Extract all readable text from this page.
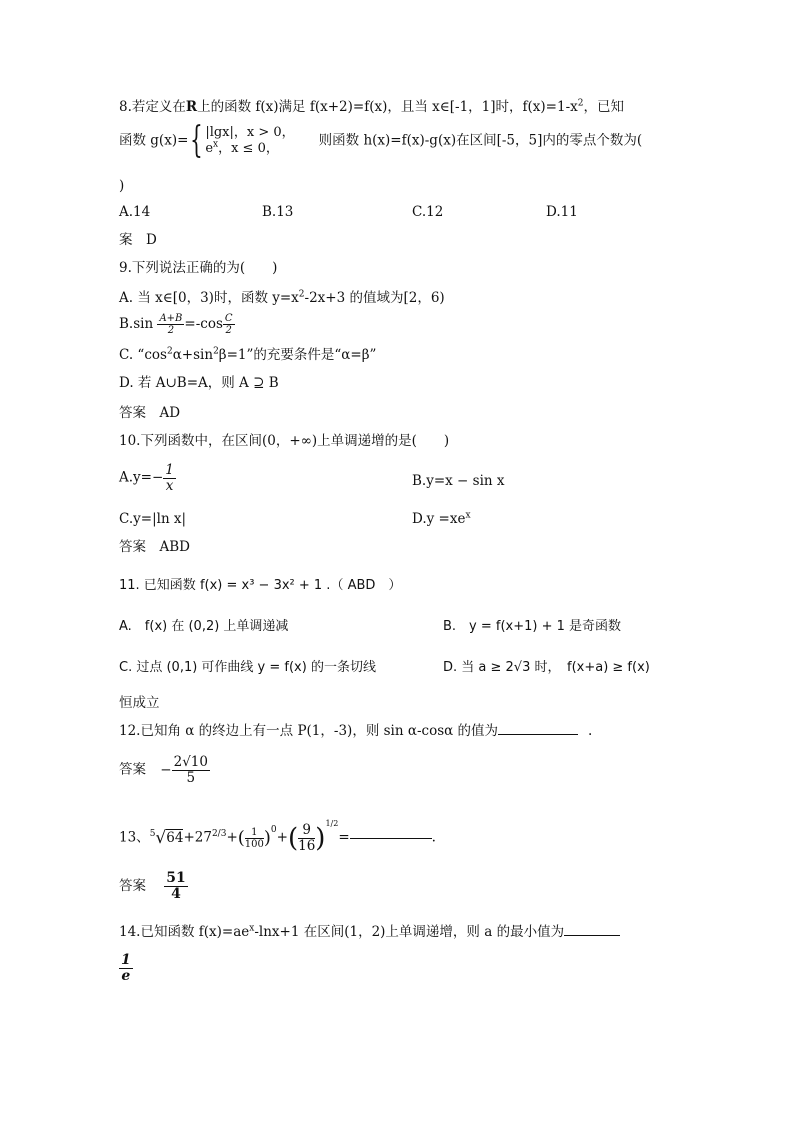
8.若定义在R上的函数 f(x)满足 f(x+2)=f(x)，且当 x∈[-1，1]时，$f(x)=1-x^2$，已知
函数 g(x)={ |lgx|，x > 0，
$e^x$，x ≤ 0，
则函数 h(x)=f(x)-g(x)在区间[-5，5]内的零点个数为(
)
A.14	B.13	C.12	D.11
案　D
9.下列说法正确的为(　　)
A. 当 x∈[0，3)时，函数 $y=x^2-2x+3$ 的值域为[2，6)
$B.\sin \frac{A+B}{2} =-\cos \frac{C}{2}$
C. “$\cos^2\alpha+\sin^2\beta=1$”的充要条件是“α=β”
D. 若 A∪B=A，则 A ⊇ B
答案　AD
10.下列函数中，在区间(0，+∞)上单调递增的是(　　)
$A.y=- \frac{1}{x}$	B.y=x − sin x
C.y=|ln x|	$D.y =xe^x$
答案　ABD
11. 已知函数 f(x) = x³ − 3x² + 1 .（ ABD　）
A.　f(x) 在 (0,2) 上单调递减	B.　y = f(x+1) + 1 是奇函数
C. 过点 (0,1) 可作曲线 y = f(x) 的一条切线	D. 当 a ≥ 2√3 时，　f(x+a) ≥ f(x)
恒成立
12.已知角 α 的终边上有一点 P(1，-3)，则 sin α-cosα 的值为	.
答案 − $\frac{2√10}{5}$
13、$^5√64+27^{2/3}+( \frac{1}{100} )^0+( \frac{9}{16} )^{1/2}=$	.
答案 $\frac{51}{4}$
14.已知函数 $f(x)=ae^x-\ln x+1$ 在区间(1，2)上单调递增，则 a 的最小值为
$\frac{1}{e}$
